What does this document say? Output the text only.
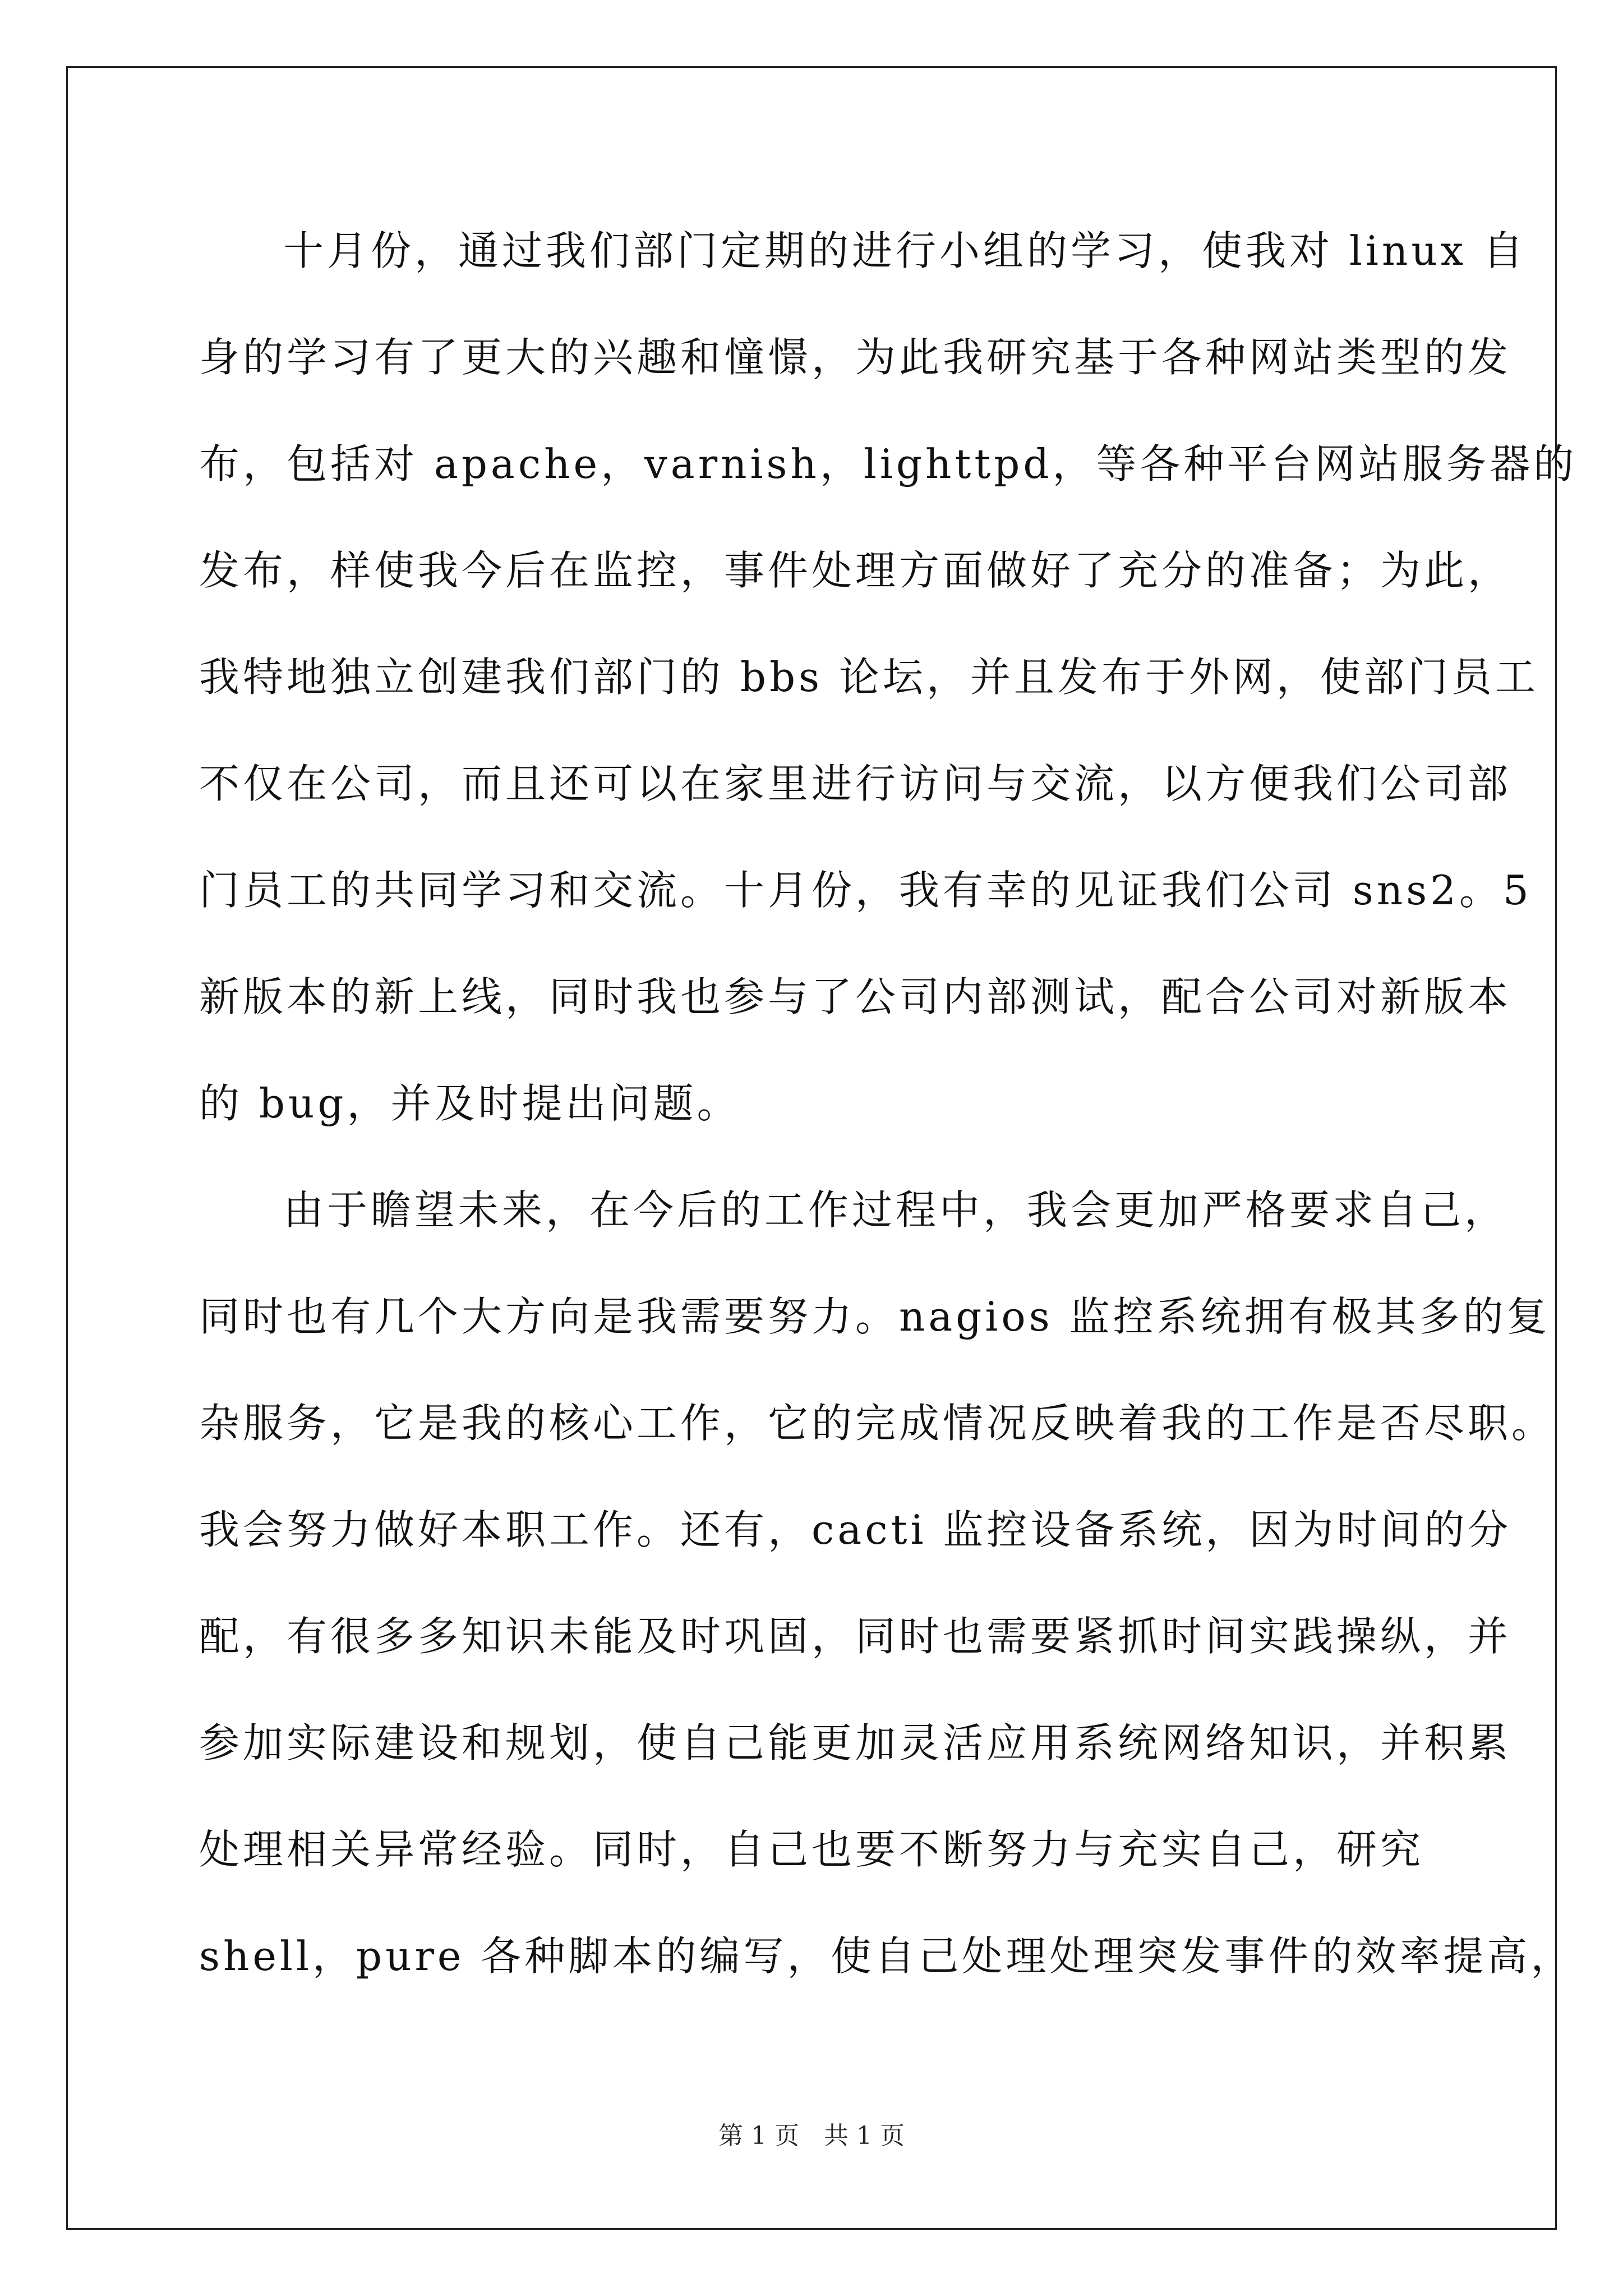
十月份，通过我们部门定期的进行小组的学习，使我对 linux 自
身的学习有了更大的兴趣和憧憬，为此我研究基于各种网站类型的发
布，包括对 apache，varnish，lighttpd，等各种平台网站服务器的
发布，样使我今后在监控，事件处理方面做好了充分的准备；为此，
我特地独立创建我们部门的 bbs 论坛，并且发布于外网，使部门员工
不仅在公司，而且还可以在家里进行访问与交流，以方便我们公司部
门员工的共同学习和交流。十月份，我有幸的见证我们公司 sns2。5
新版本的新上线，同时我也参与了公司内部测试，配合公司对新版本
的 bug，并及时提出问题。
由于瞻望未来，在今后的工作过程中，我会更加严格要求自己，
同时也有几个大方向是我需要努力。nagios 监控系统拥有极其多的复
杂服务，它是我的核心工作，它的完成情况反映着我的工作是否尽职。
我会努力做好本职工作。还有，cacti 监控设备系统，因为时间的分
配，有很多多知识未能及时巩固，同时也需要紧抓时间实践操纵，并
参加实际建设和规划，使自己能更加灵活应用系统网络知识，并积累
处理相关异常经验。同时，自己也要不断努力与充实自己，研究
shell，pure 各种脚本的编写，使自己处理处理突发事件的效率提高，
第 1 页　共 1 页
